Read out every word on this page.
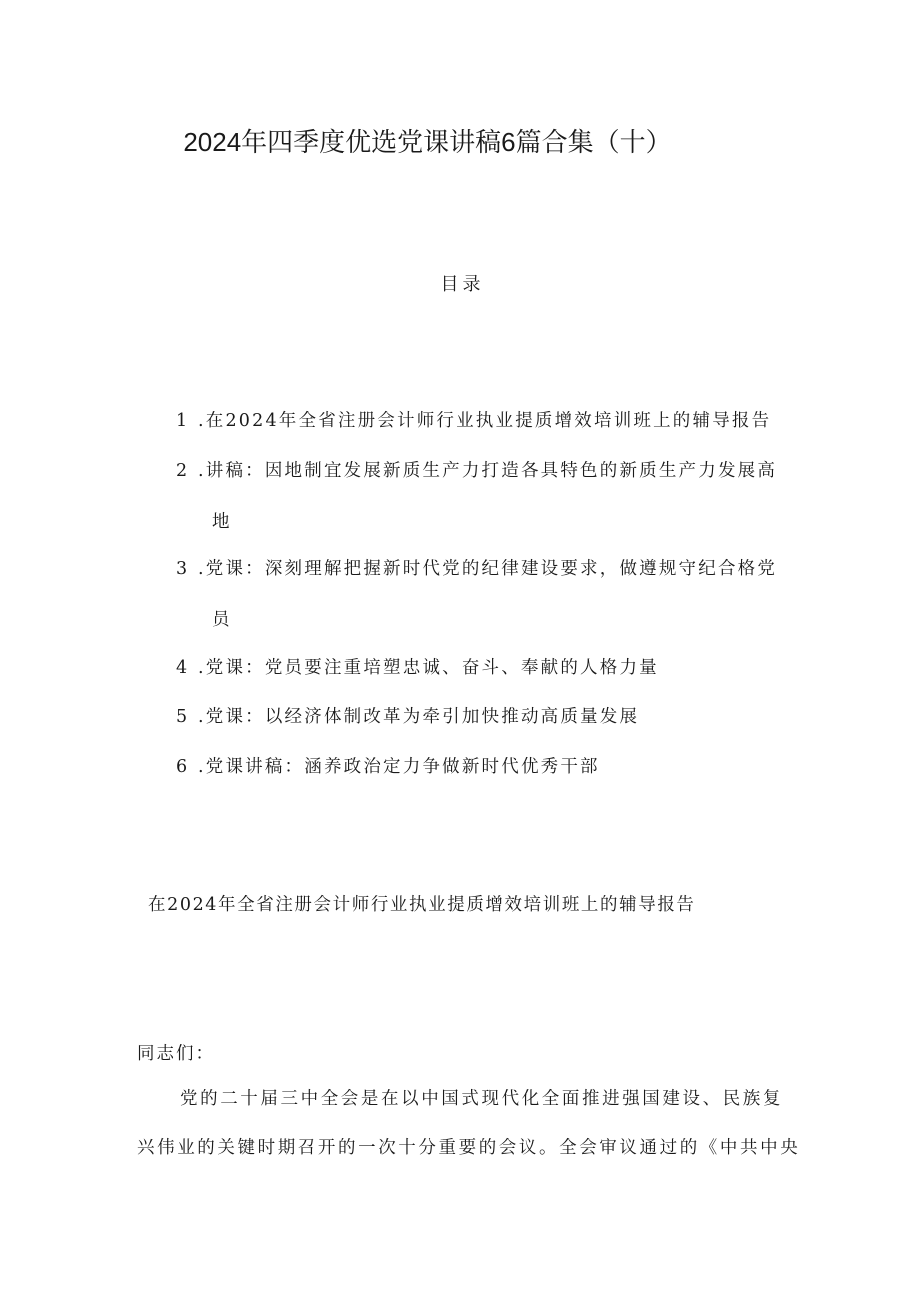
2024年四季度优选党课讲稿6篇合集（十）
目录
1 .在2024年全省注册会计师行业执业提质增效培训班上的辅导报告
2 .讲稿：因地制宜发展新质生产力打造各具特色的新质生产力发展高
地
3 .党课：深刻理解把握新时代党的纪律建设要求，做遵规守纪合格党
员
4 .党课：党员要注重培塑忠诚、奋斗、奉献的人格力量
5 .党课：以经济体制改革为牵引加快推动高质量发展
6 .党课讲稿：涵养政治定力争做新时代优秀干部
在2024年全省注册会计师行业执业提质增效培训班上的辅导报告
同志们：
党的二十届三中全会是在以中国式现代化全面推进强国建设、民族复
兴伟业的关键时期召开的一次十分重要的会议。全会审议通过的《中共中央
